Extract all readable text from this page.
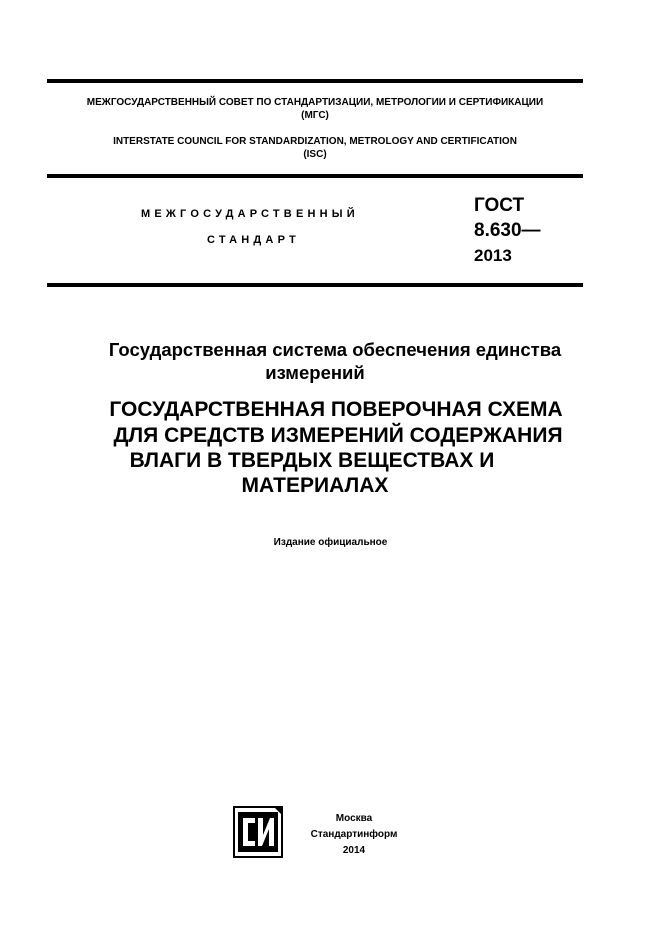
МЕЖГОСУДАРСТВЕННЫЙ СОВЕТ ПО СТАНДАРТИЗАЦИИ, МЕТРОЛОГИИ И СЕРТИФИКАЦИИ
(МГС)
INTERSTATE COUNCIL FOR STANDARDIZATION, METROLOGY AND CERTIFICATION
(ISC)
МЕЖГОСУДАРСТВЕННЫЙ
СТАНДАРТ
ГОСТ
8.630—
2013
Государственная система обеспечения единства
измерений
ГОСУДАРСТВЕННАЯ ПОВЕРОЧНАЯ СХЕМА
ДЛЯ СРЕДСТВ ИЗМЕРЕНИЙ СОДЕРЖАНИЯ
ВЛАГИ В ТВЕРДЫХ ВЕЩЕСТВАХ И
МАТЕРИАЛАХ
Издание официальное
Москва
Стандартинформ
2014
